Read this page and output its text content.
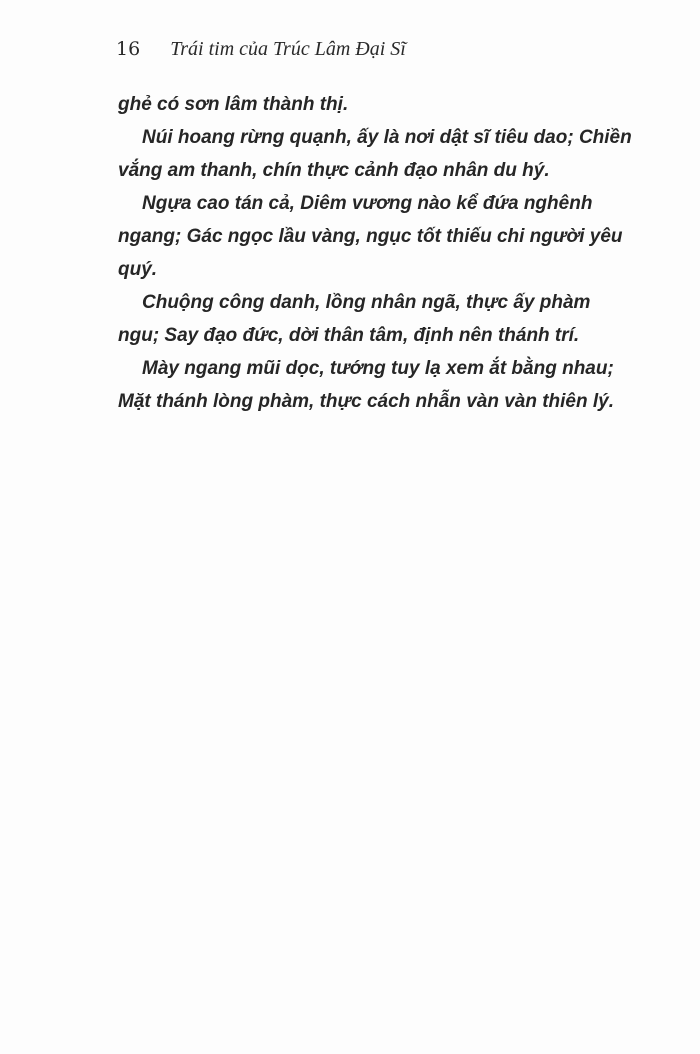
16 Trái tim của Trúc Lâm Đại Sĩ
ghẻ có sơn lâm thành thị.
Núi hoang rừng quạnh, ấy là nơi dật sĩ tiêu dao; Chiền
vắng am thanh, chín thực cảnh đạo nhân du hý.
Ngựa cao tán cả, Diêm vương nào kể đứa nghênh
ngang; Gác ngọc lầu vàng, ngục tốt thiếu chi người yêu
quý.
Chuộng công danh, lồng nhân ngã, thực ấy phàm
ngu; Say đạo đức, dời thân tâm, định nên thánh trí.
Mày ngang mũi dọc, tướng tuy lạ xem ắt bằng nhau;
Mặt thánh lòng phàm, thực cách nhẫn vàn vàn thiên lý.
